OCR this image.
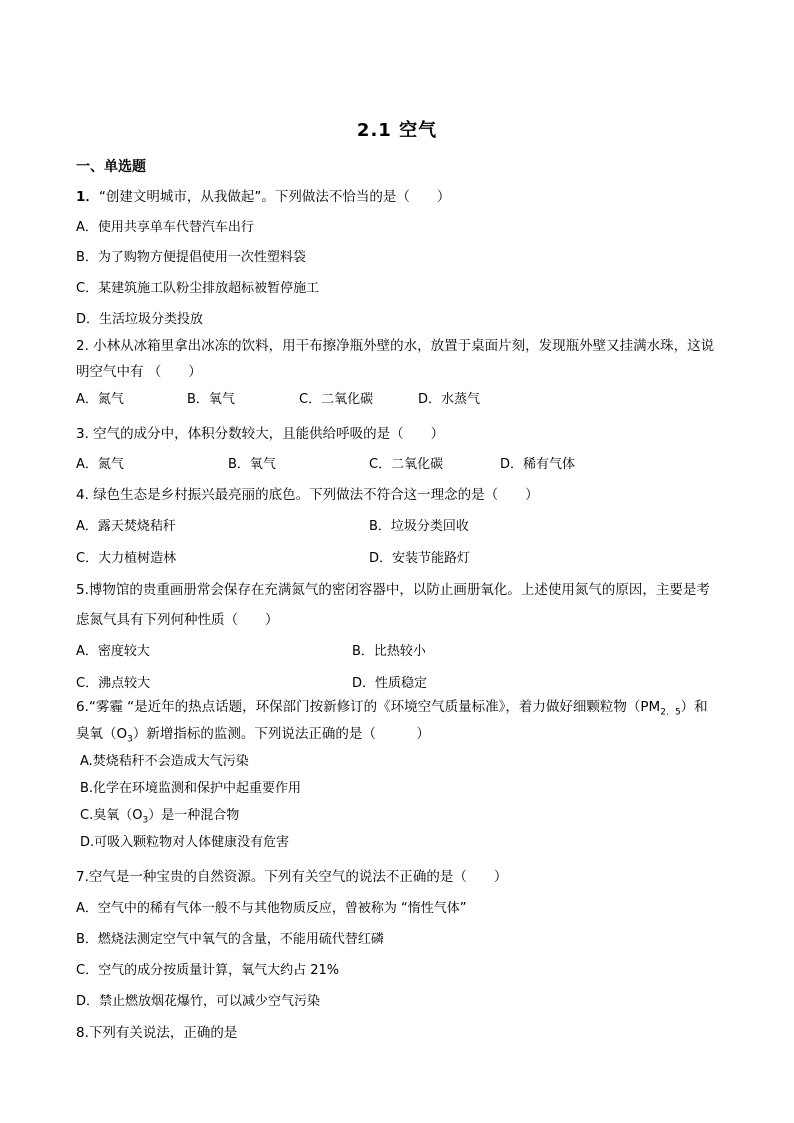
2.1 空气
一、单选题
1．“创建文明城市，从我做起”。下列做法不恰当的是（　　）
A．使用共享单车代替汽车出行
B．为了购物方便提倡使用一次性塑料袋
C．某建筑施工队粉尘排放超标被暂停施工
D．生活垃圾分类投放
2. 小林从冰箱里拿出冰冻的饮料，用干布擦净瓶外壁的水，放置于桌面片刻，发现瓶外壁又挂满水珠，这说
明空气中有 （　　）
A．氮气	B．氧气	C．二氧化碳	D．水蒸气
3. 空气的成分中，体积分数较大，且能供给呼吸的是（　　）
A．氮气	B．氧气	C．二氧化碳	D．稀有气体
4. 绿色生态是乡村振兴最亮丽的底色。下列做法不符合这一理念的是（　　）
A．露天焚烧秸秆	B．垃圾分类回收
C．大力植树造林	D．安装节能路灯
5.博物馆的贵重画册常会保存在充满氮气的密闭容器中，以防止画册氧化。上述使用氮气的原因，主要是考
虑氮气具有下列何种性质（　　）
A．密度较大	B．比热较小
C．沸点较大	D．性质稳定
6.“雾霾 “是近年的热点话题，环保部门按新修订的《环境空气质量标准》，着力做好细颗粒物$(PM_{2.5})$和
臭氧$(O_3)$新增指标的监测。下列说法正确的是（　　　）
A.焚烧秸秆不会造成大气污染
B.化学在环境监测和保护中起重要作用
C.臭氧$(O_3)$是一种混合物
D.可吸入颗粒物对人体健康没有危害
7.空气是一种宝贵的自然资源。下列有关空气的说法不正确的是（　　）
A．空气中的稀有气体一般不与其他物质反应，曾被称为 “惰性气体”
B．燃烧法测定空气中氧气的含量，不能用硫代替红磷
C．空气的成分按质量计算，氧气大约占 21%
D．禁止燃放烟花爆竹，可以减少空气污染
8.下列有关说法，正确的是
